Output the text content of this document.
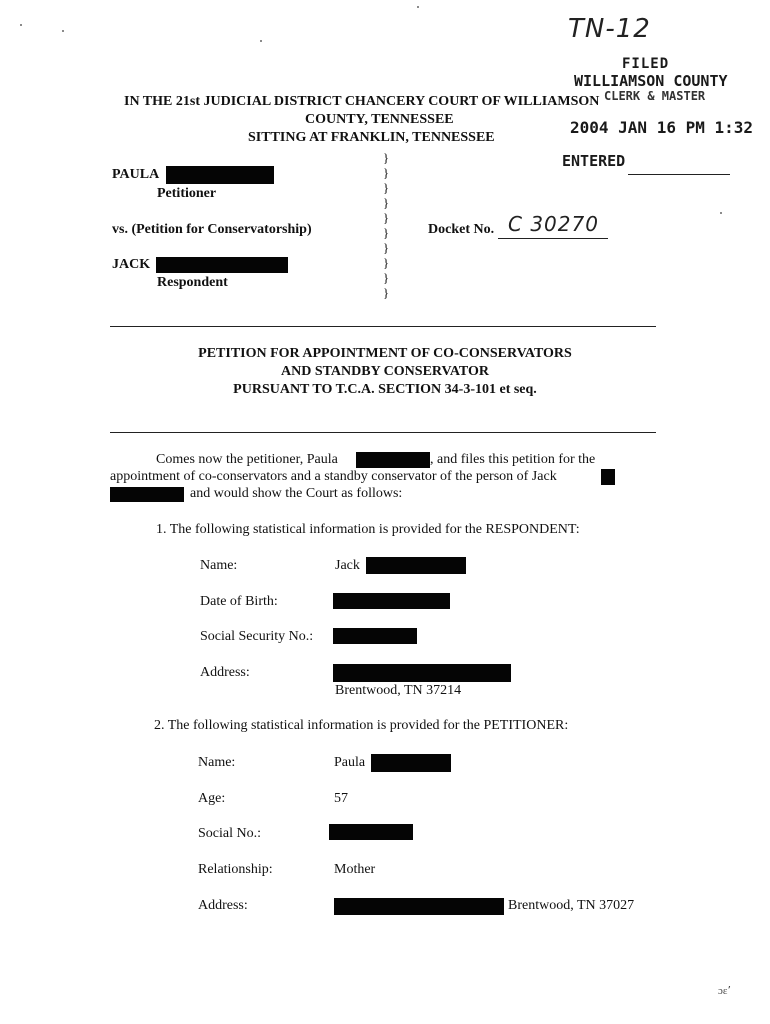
TN-12
FILED
WILLIAMSON COUNTY
CLERK & MASTER
2004 JAN 16 PM 1:32
ENTERED
IN THE 21st JUDICIAL DISTRICT CHANCERY COURT OF WILLIAMSON
COUNTY, TENNESSEE
SITTING AT FRANKLIN, TENNESSEE
PAULA
Petitioner
vs. (Petition for Conservatorship)
JACK
Respondent
}
}
}
}
}
}
}
}
}
}
Docket No. C 30270
PETITION FOR APPOINTMENT OF CO-CONSERVATORS
AND STANDBY CONSERVATOR
PURSUANT TO T.C.A. SECTION 34-3-101 et seq.
Comes now the petitioner, Paula	, and files this petition for the
appointment of co-conservators and a standby conservator of the person of Jack
and would show the Court as follows:
1. The following statistical information is provided for the RESPONDENT:
Name:	Jack
Date of Birth:
Social Security No.:
Address:
Brentwood, TN 37214
2. The following statistical information is provided for the PETITIONER:
Name:	Paula
Age:	57
Social No.:
Relationship:	Mother
Address:	Brentwood, TN 37027
ɔɛ٬
